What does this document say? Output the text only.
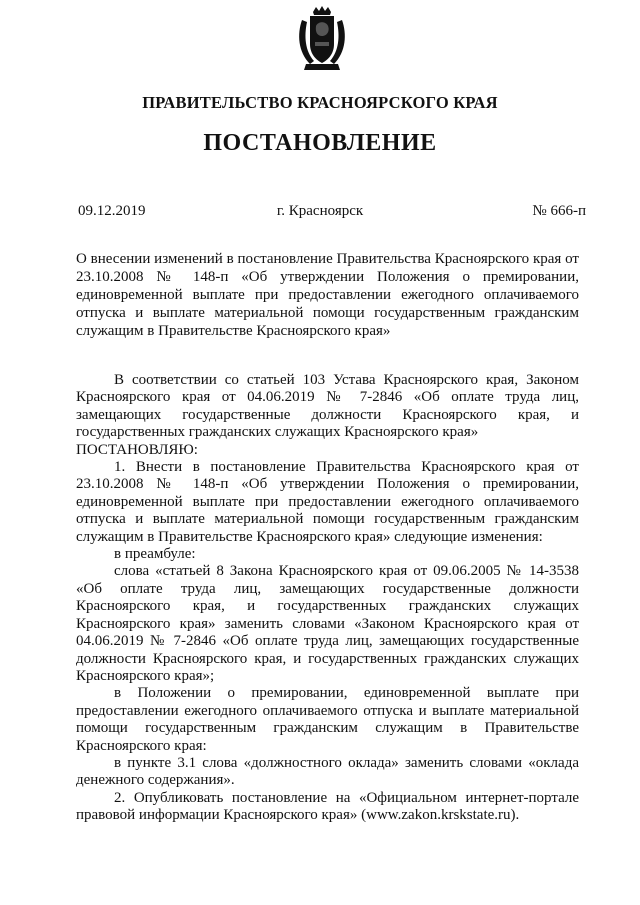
ПРАВИТЕЛЬСТВО КРАСНОЯРСКОГО КРАЯ
ПОСТАНОВЛЕНИЕ
09.12.2019	г. Красноярск	№ 666-п
О внесении изменений в постановление Правительства Красноярского края от 23.10.2008 № 148-п «Об утверждении Положения о премировании, единовременной выплате при предоставлении ежегодного оплачиваемого отпуска и выплате материальной помощи государственным гражданским служащим в Правительстве Красноярского края»

В соответствии со статьей 103 Устава Красноярского края, Законом Красноярского края от 04.06.2019 № 7-2846 «Об оплате труда лиц, замещающих государственные должности Красноярского края, и государственных гражданских служащих Красноярского края»

ПОСТАНОВЛЯЮ:

1. Внести в постановление Правительства Красноярского края от 23.10.2008 № 148-п «Об утверждении Положения о премировании, единовременной выплате при предоставлении ежегодного оплачиваемого отпуска и выплате материальной помощи государственным гражданским служащим в Правительстве Красноярского края» следующие изменения:

в преамбуле:

слова «статьей 8 Закона Красноярского края от 09.06.2005 № 14-3538 «Об оплате труда лиц, замещающих государственные должности Красноярского края, и государственных гражданских служащих Красноярского края» заменить словами «Законом Красноярского края от 04.06.2019 № 7-2846 «Об оплате труда лиц, замещающих государственные должности Красноярского края, и государственных гражданских служащих Красноярского края»;

в Положении о премировании, единовременной выплате при предоставлении ежегодного оплачиваемого отпуска и выплате материальной помощи государственным гражданским служащим в Правительстве Красноярского края:

в пункте 3.1 слова «должностного оклада» заменить словами «оклада денежного содержания».

2. Опубликовать постановление на «Официальном интернет-портале правовой информации Красноярского края» (www.zakon.krskstate.ru).
